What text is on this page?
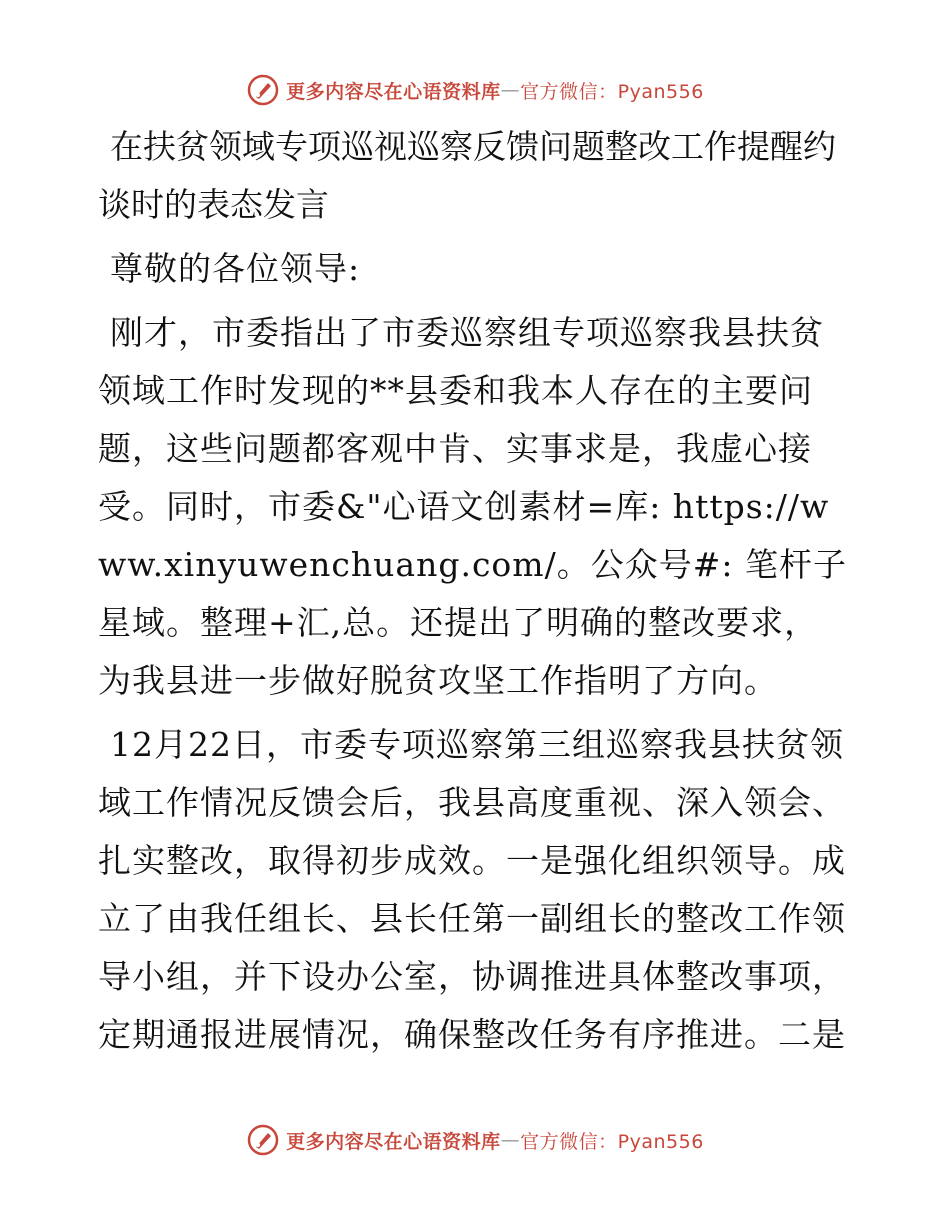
更多内容尽在心语资料库 — 官方微信：Pyan556
在扶贫领域专项巡视巡察反馈问题整改工作提醒约谈时的表态发言

尊敬的各位领导:

刚才，市委指出了市委巡察组专项巡察我县扶贫领域工作时发现的**县委和我本人存在的主要问题，这些问题都客观中肯、实事求是，我虚心接受。同时，市委&"心语文创素材=库: https://www.xinyuwenchuang.com/。公众号#: 笔杆子星域。整理+汇,总。还提出了明确的整改要求，为我县进一步做好脱贫攻坚工作指明了方向。

12月22日，市委专项巡察第三组巡察我县扶贫领域工作情况反馈会后，我县高度重视、深入领会、扎实整改，取得初步成效。一是强化组织领导。成立了由我任组长、县长任第一副组长的整改工作领导小组，并下设办公室，协调推进具体整改事项，定期通报进展情况，确保整改任务有序推进。二是

更多内容尽在心语资料库 — 官方微信：Pyan556
